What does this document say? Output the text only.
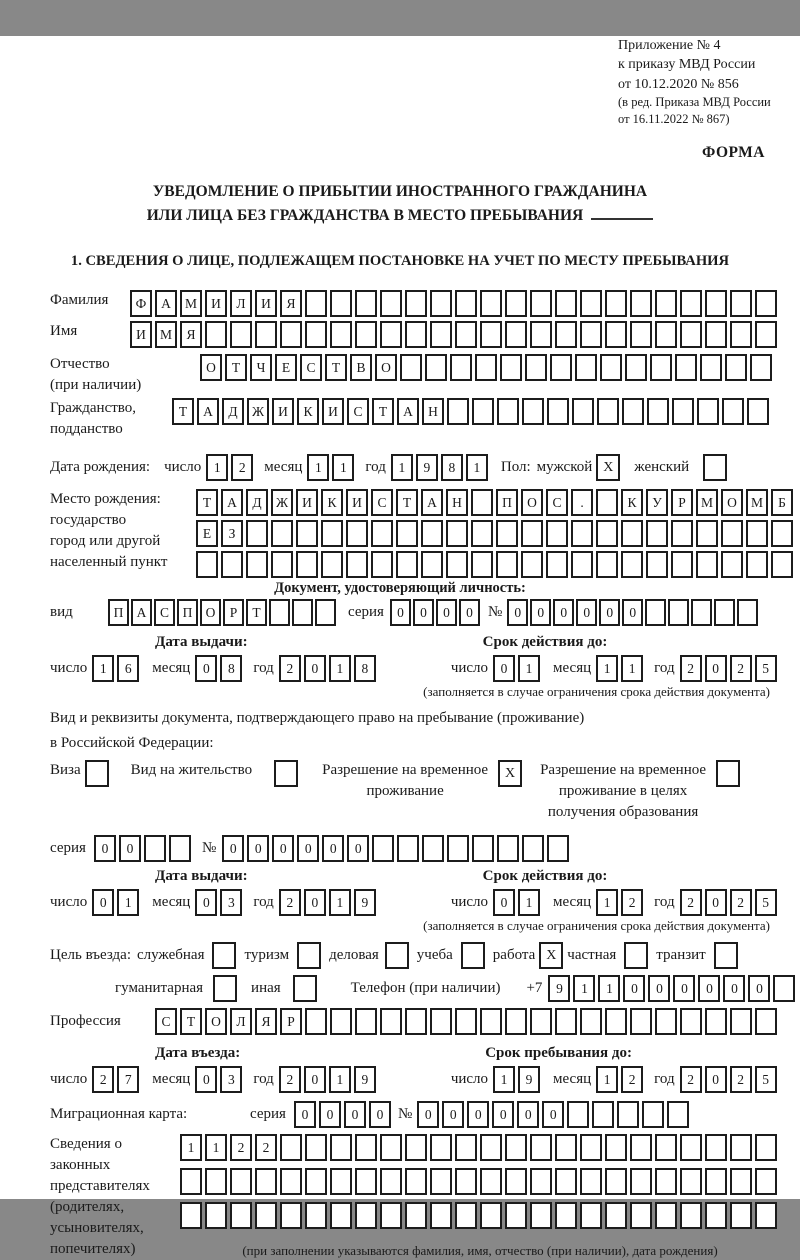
Приложение № 4
к приказу МВД России
от 10.12.2020 № 856
(в ред. Приказа МВД России
от 16.11.2022 № 867)
ФОРМА
УВЕДОМЛЕНИЕ О ПРИБЫТИИ ИНОСТРАННОГО ГРАЖДАНИНА
ИЛИ ЛИЦА БЕЗ ГРАЖДАНСТВА В МЕСТО ПРЕБЫВАНИЯ
1. СВЕДЕНИЯ О ЛИЦЕ, ПОДЛЕЖАЩЕМ ПОСТАНОВКЕ НА УЧЕТ ПО МЕСТУ ПРЕБЫВАНИЯ
Фамилия	Ф А М И Л И Я
Имя	И М Я
Отчество
(при наличии)
О Т Ч Е С Т В О
Гражданство,
подданство
Т А Д Ж И К И С Т А Н
Дата рождения: число 1 2	месяц 1 1	год 1 9 8 1	Пол: мужской X	женский
Место рождения:
государство
город или другой
населенный пункт
Т А Д Ж И К И С Т А Н	П О С .	К У Р М О М Б
Е З
Документ, удостоверяющий личность:
вид	П А С П О Р Т	серия 0 0 0 0	№ 0 0 0 0 0 0
Дата выдачи:	Срок действия до:
число 1 6	месяц 0 8	год 2 0 1 8	число 0 1	месяц 1 1	год 2 0 2 5
(заполняется в случае ограничения срока действия документа)
Вид и реквизиты документа, подтверждающего право на пребывание (проживание)
в Российской Федерации:
Виза	Вид на жительство	Разрешение на временное
проживание
X	Разрешение на временное
проживание в целях
получения образования
серия	0 0	№	0 0 0 0 0 0
Дата выдачи:	Срок действия до:
число 0 1	месяц 0 3	год 2 0 1 9	число 0 1	месяц 1 2	год 2 0 2 5
(заполняется в случае ограничения срока действия документа)
Цель въезда: служебная	туризм	деловая	учеба	работа X частная	транзит
гуманитарная	иная	Телефон (при наличии) +7	9 1 1 0 0 0 0 0 0
Профессия	С Т О Л Я Р
Дата въезда:	Срок пребывания до:
число 2 7	месяц 0 3	год 2 0 1 9	число 1 9	месяц 1 2	год 2 0 2 5
Миграционная карта:	серия	0 0 0 0 № 0 0 0 0 0 0
Сведения о
законных
представителях
(родителях,
усыновителях,
попечителях)
1 1 2 2
(при заполнении указываются фамилия, имя, отчество (при наличии), дата рождения)
